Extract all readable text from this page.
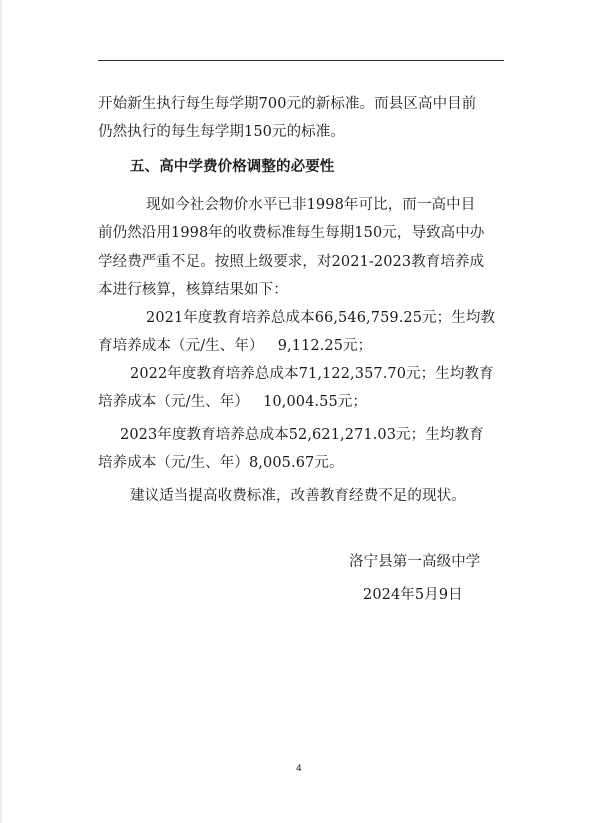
开始新生执行每生每学期700元的新标准。而县区高中目前
仍然执行的每生每学期150元的标准。
五、高中学费价格调整的必要性
现如今社会物价水平已非1998年可比，而一高中目
前仍然沿用1998年的收费标准每生每期150元，导致高中办
学经费严重不足。按照上级要求，对2021-2023教育培养成
本进行核算，核算结果如下：
2021年度教育培养总成本66,546,759.25元；生均教
育培养成本（元/生、年）   9,112.25元；
2022年度教育培养总成本71,122,357.70元；生均教育
培养成本（元/生、年）   10,004.55元；
2023年度教育培养总成本52,621,271.03元；生均教育
培养成本（元/生、年）8,005.67元。
建议适当提高收费标准，改善教育经费不足的现状。
洛宁县第一高级中学
2024年5月9日
4
